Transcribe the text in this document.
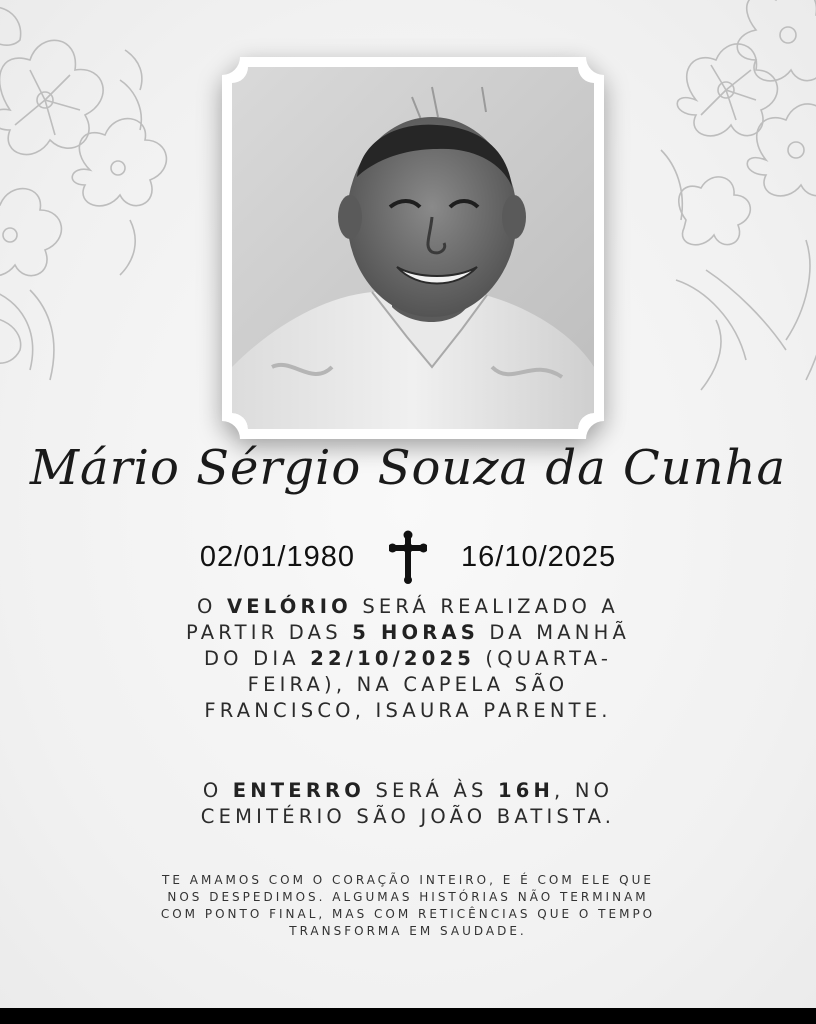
Mário Sérgio Souza da Cunha
02/01/1980	16/10/2025
O VELÓRIO SERÁ REALIZADO A
PARTIR DAS 5 HORAS DA MANHÃ
DO DIA 22/10/2025 (QUARTA-
FEIRA), NA CAPELA SÃO
FRANCISCO, ISAURA PARENTE.
O ENTERRO SERÁ ÀS 16H, NO
CEMITÉRIO SÃO JOÃO BATISTA.
TE AMAMOS COM O CORAÇÃO INTEIRO, E É COM ELE QUE
NOS DESPEDIMOS. ALGUMAS HISTÓRIAS NÃO TERMINAM
COM PONTO FINAL, MAS COM RETICÊNCIAS QUE O TEMPO
TRANSFORMA EM SAUDADE.
